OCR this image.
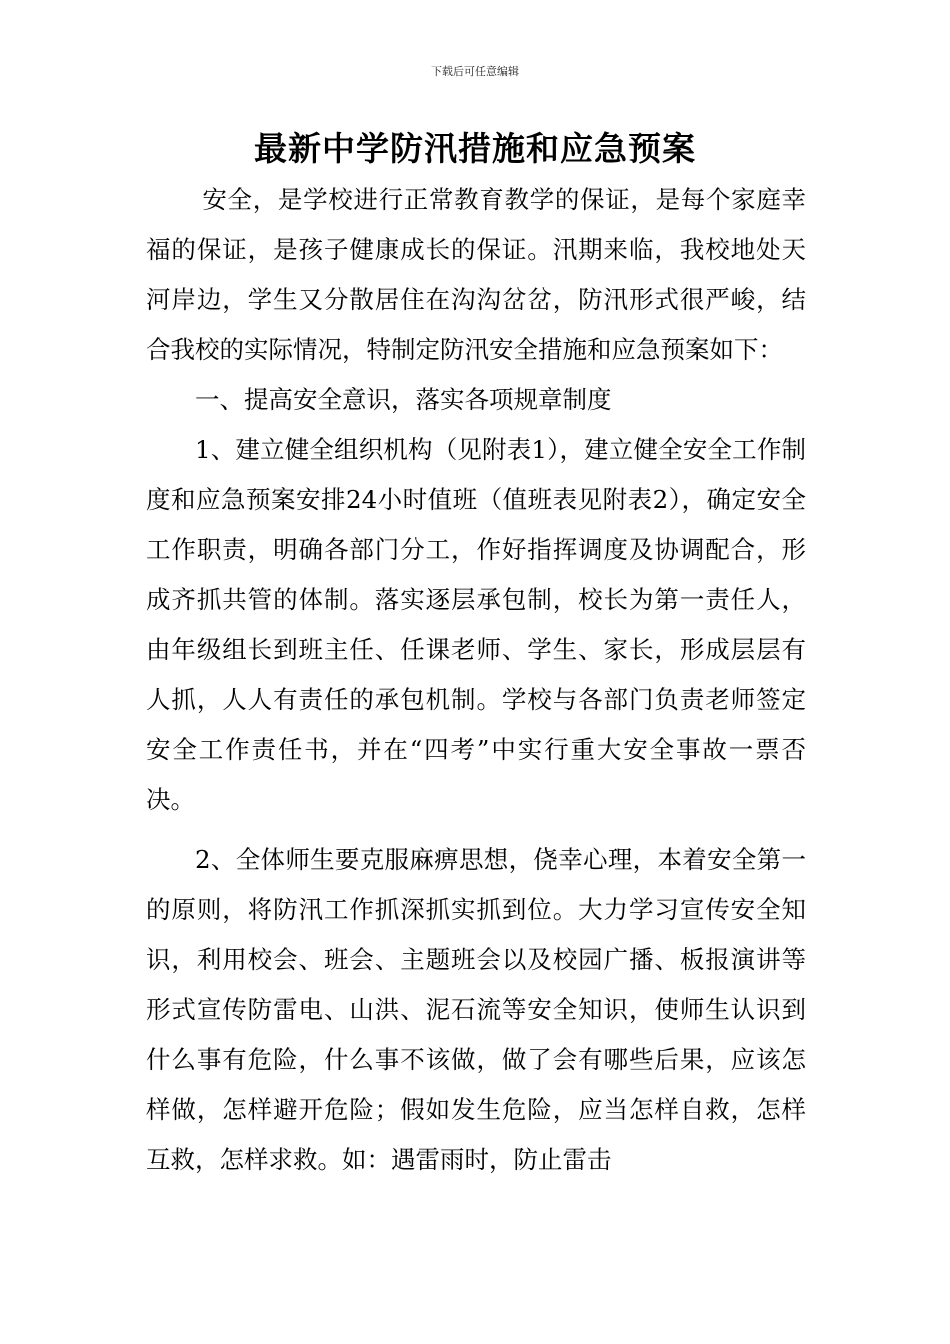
下载后可任意编辑
最新中学防汛措施和应急预案

安全，是学校进行正常教育教学的保证，是每个家庭幸福的保证，是孩子健康成长的保证。汛期来临，我校地处天河岸边，学生又分散居住在沟沟岔岔，防汛形式很严峻，结合我校的实际情况，特制定防汛安全措施和应急预案如下：

一、提高安全意识，落实各项规章制度

1、建立健全组织机构（见附表1），建立健全安全工作制度和应急预案安排24小时值班（值班表见附表2），确定安全工作职责，明确各部门分工，作好指挥调度及协调配合，形成齐抓共管的体制。落实逐层承包制，校长为第一责任人，由年级组长到班主任、任课老师、学生、家长，形成层层有人抓，人人有责任的承包机制。学校与各部门负责老师签定安全工作责任书，并在“四考”中实行重大安全事故一票否决。

2、全体师生要克服麻痹思想，侥幸心理，本着安全第一的原则，将防汛工作抓深抓实抓到位。大力学习宣传安全知识，利用校会、班会、主题班会以及校园广播、板报演讲等形式宣传防雷电、山洪、泥石流等安全知识，使师生认识到什么事有危险，什么事不该做，做了会有哪些后果，应该怎样做，怎样避开危险；假如发生危险，应当怎样自救，怎样互救，怎样求救。如：遇雷雨时，防止雷击
